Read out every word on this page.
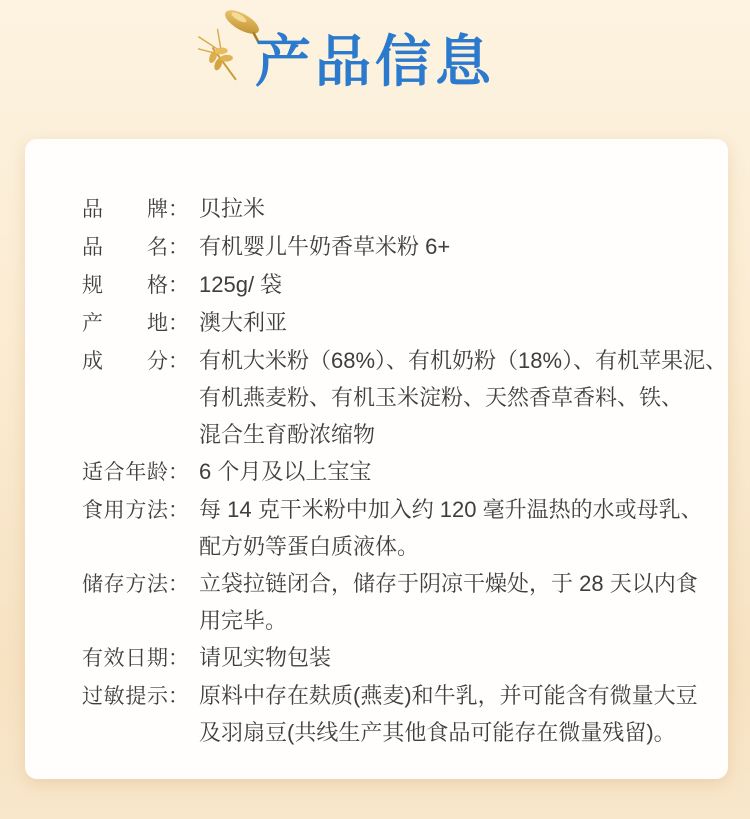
产品信息
品牌 ： 贝拉米
品名 ： 有机婴儿牛奶香草米粉 6+
规格 ： 125g/ 袋
产地 ： 澳大利亚
成分 ： 有机大米粉（68%）、有机奶粉（18%）、有机苹果泥、
有机燕麦粉、有机玉米淀粉、天然香草香料、铁、
混合生育酚浓缩物
适合年龄 ： 6 个月及以上宝宝
食用方法 ： 每 14 克干米粉中加入约 120 毫升温热的水或母乳、
配方奶等蛋白质液体。
储存方法 ： 立袋拉链闭合，储存于阴凉干燥处，于 28 天以内食
用完毕。
有效日期 ： 请见实物包装
过敏提示 ： 原料中存在麸质(燕麦)和牛乳，并可能含有微量大豆
及羽扇豆(共线生产其他食品可能存在微量残留)。
